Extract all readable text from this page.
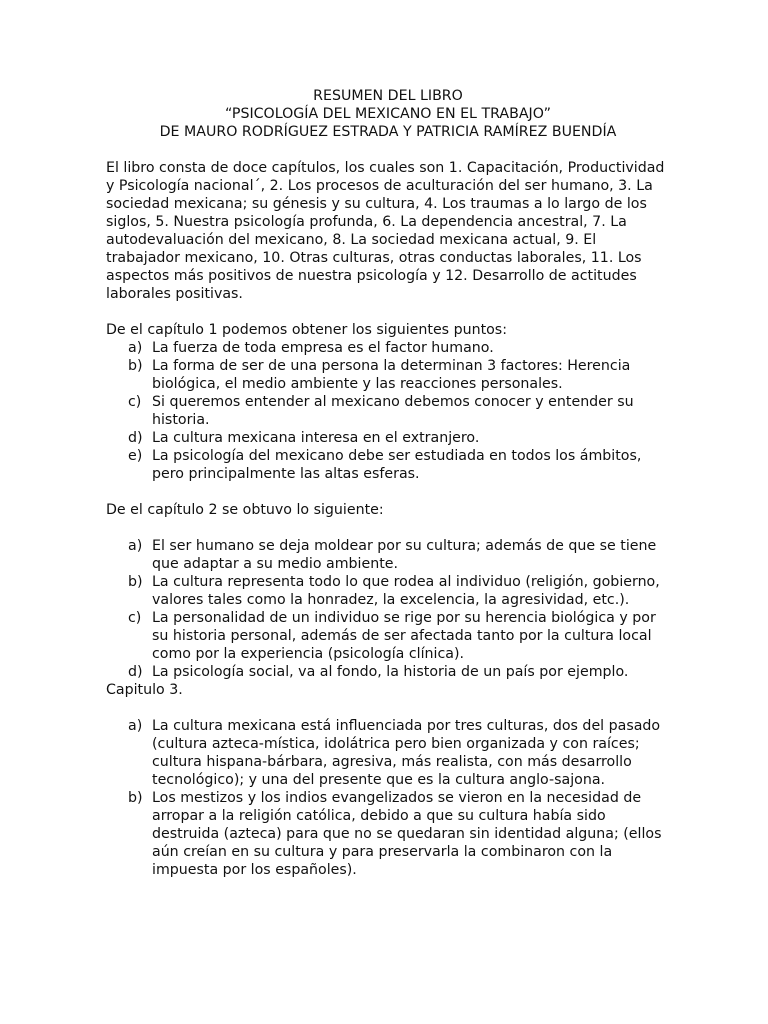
RESUMEN DEL LIBRO
“PSICOLOGÍA DEL MEXICANO EN EL TRABAJO”
DE MAURO RODRÍGUEZ ESTRADA Y PATRICIA RAMÍREZ BUENDÍA

El libro consta de doce capítulos, los cuales son 1. Capacitación, Productividad y Psicología nacional´, 2. Los procesos de aculturación del ser humano, 3. La sociedad mexicana; su génesis y su cultura, 4. Los traumas a lo largo de los siglos, 5. Nuestra psicología profunda, 6. La dependencia ancestral, 7. La autodevaluación del mexicano, 8. La sociedad mexicana actual, 9. El trabajador mexicano, 10. Otras culturas, otras conductas laborales, 11. Los aspectos más positivos de nuestra psicología y 12. Desarrollo de actitudes laborales positivas.

De el capítulo 1 podemos obtener los siguientes puntos:

a) La fuerza de toda empresa es el factor humano.
b) La forma de ser de una persona la determinan 3 factores: Herencia biológica, el medio ambiente y las reacciones personales.
c) Si queremos entender al mexicano debemos conocer y entender su historia.
d) La cultura mexicana interesa en el extranjero.
e) La psicología del mexicano debe ser estudiada en todos los ámbitos, pero principalmente las altas esferas.

De el capítulo 2 se obtuvo lo siguiente:

a) El ser humano se deja moldear por su cultura; además de que se tiene que adaptar a su medio ambiente.
b) La cultura representa todo lo que rodea al individuo (religión, gobierno, valores tales como la honradez, la excelencia, la agresividad, etc.).
c) La personalidad de un individuo se rige por su herencia biológica y por su historia personal, además de ser afectada tanto por la cultura local como por la experiencia (psicología clínica).
d) La psicología social, va al fondo, la historia de un país por ejemplo.

Capitulo 3.

a) La cultura mexicana está influenciada por tres culturas, dos del pasado (cultura azteca-mística, idolátrica pero bien organizada y con raíces; cultura hispana-bárbara, agresiva, más realista, con más desarrollo tecnológico); y una del presente que es la cultura anglo-sajona.
b) Los mestizos y los indios evangelizados se vieron en la necesidad de arropar a la religión católica, debido a que su cultura había sido destruida (azteca) para que no se quedaran sin identidad alguna; (ellos aún creían en su cultura y para preservarla la combinaron con la impuesta por los españoles).
